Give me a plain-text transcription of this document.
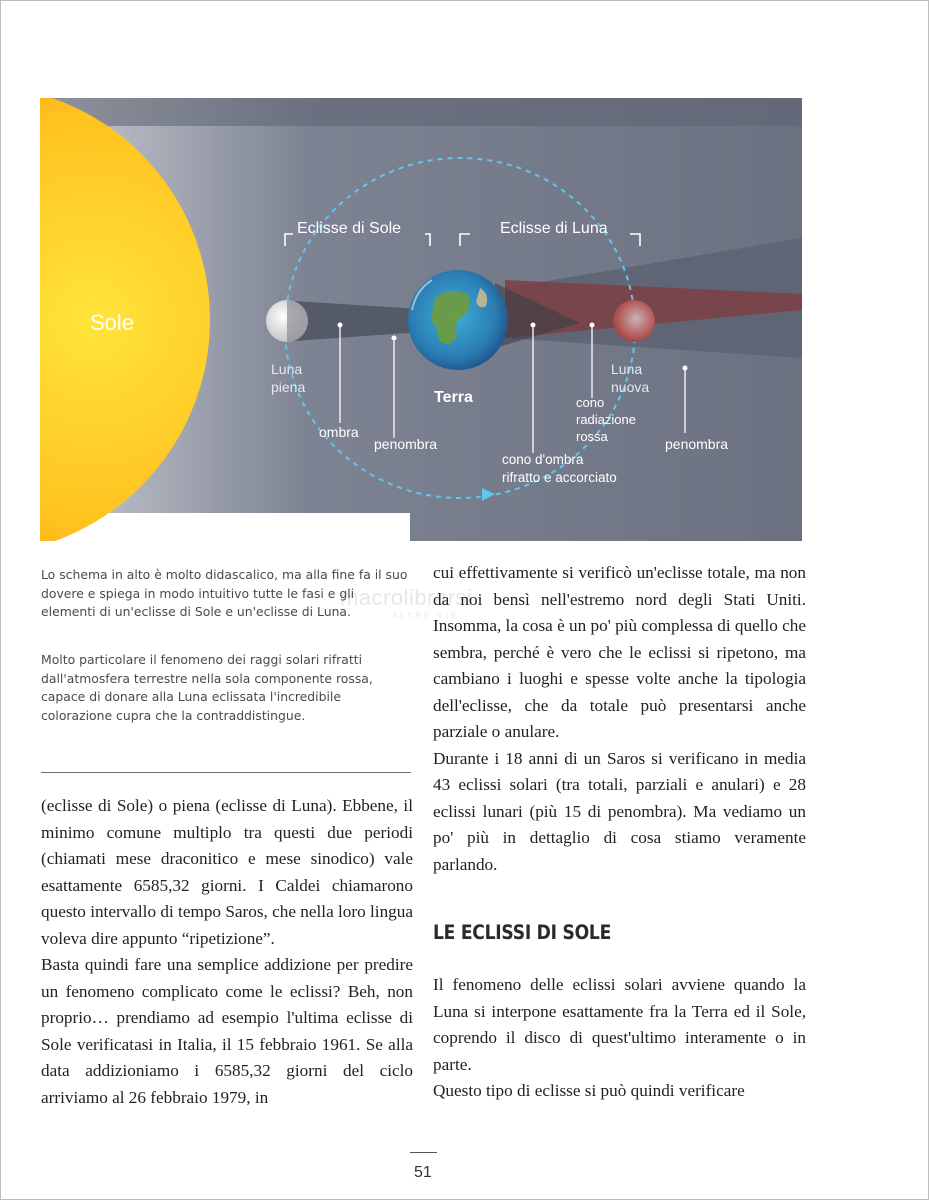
Sole
Eclisse di Sole	Eclisse di Luna
Luna
piena
Luna
nuova
Terra
ombra
penombra	penombra
cono
radiazione
rossa
cono d'ombra
rifratto e accorciato
macrolibrarsi
ALTRE VIE

Lo schema in alto è molto didascalico, ma alla fine fa il suo dovere e spiega in modo intuitivo tutte le fasi e gli elementi di un'eclisse di Sole e un'eclisse di Luna.

Molto particolare il fenomeno dei raggi solari rifratti dall'atmosfera terrestre nella sola componente rossa, capace di donare alla Luna eclissata l'incredibile colorazione cupra che la contraddistingue.

(eclisse di Sole) o piena (eclisse di Luna). Ebbene, il minimo comune multiplo tra questi due periodi (chiamati mese draconitico e mese sinodico) vale esattamente 6585,32 giorni. I Caldei chiamarono questo intervallo di tempo Saros, che nella loro lingua voleva dire appunto “ripetizione”.

Basta quindi fare una semplice addizione per predire un fenomeno complicato come le eclissi? Beh, non proprio… prendiamo ad esempio l'ultima eclisse di Sole verificatasi in Italia, il 15 febbraio 1961. Se alla data addizioniamo i 6585,32 giorni del ciclo arriviamo al 26 febbraio 1979, in

cui effettivamente si verificò un'eclisse totale, ma non da noi bensì nell'estremo nord degli Stati Uniti. Insomma, la cosa è un po' più complessa di quello che sembra, perché è vero che le eclissi si ripetono, ma cambiano i luoghi e spesse volte anche la tipologia dell'eclisse, che da totale può presentarsi anche parziale o anulare.

Durante i 18 anni di un Saros si verificano in media 43 eclissi solari (tra totali, parziali e anulari) e 28 eclissi lunari (più 15 di penombra). Ma vediamo un po' più in dettaglio di cosa stiamo veramente parlando.

LE ECLISSI DI SOLE

Il fenomeno delle eclissi solari avviene quando la Luna si interpone esattamente fra la Terra ed il Sole, coprendo il disco di quest'ultimo interamente o in parte.

Questo tipo di eclisse si può quindi verificare

51
